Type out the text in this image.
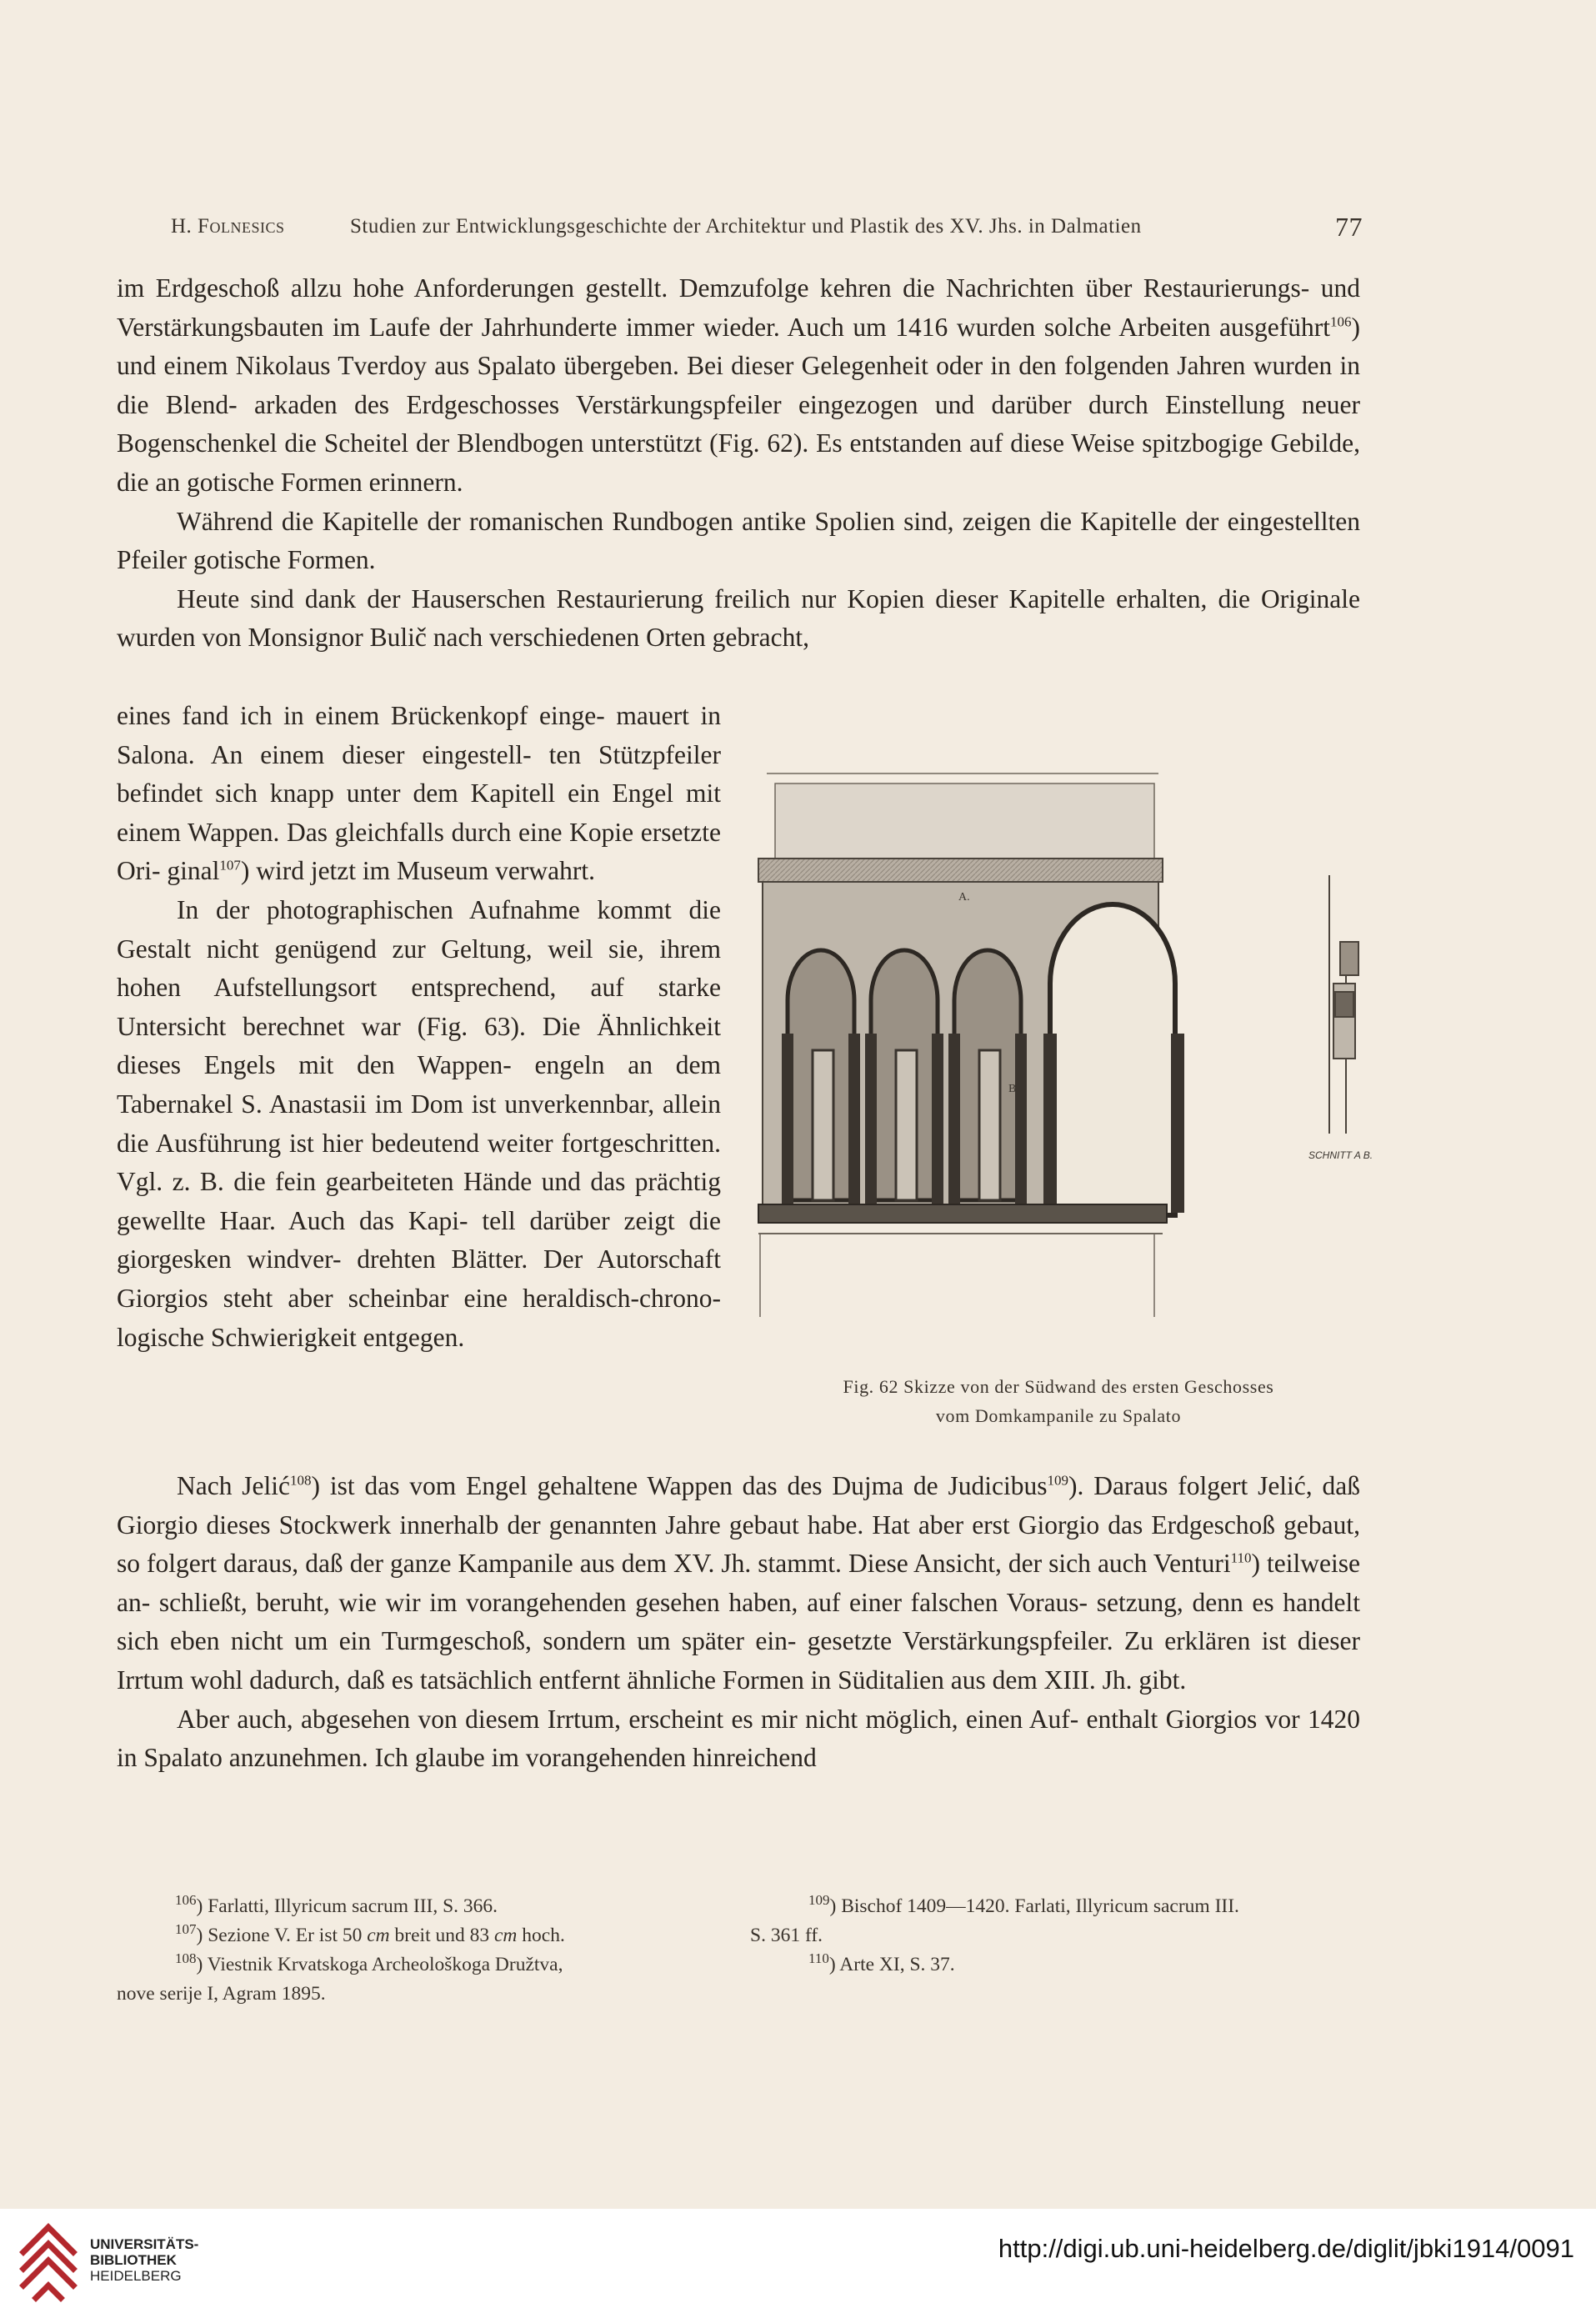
H. Folnesics	Studien zur Entwicklungsgeschichte der Architektur und Plastik des XV. Jhs. in Dalmatien	77

im Erdgeschoß allzu hohe Anforderungen gestellt. Demzufolge kehren die Nachrichten über Restaurierungs- und Verstärkungsbauten im Laufe der Jahrhunderte immer wieder. Auch um 1416 wurden solche Arbeiten ausgeführt$^{106}$) und einem Nikolaus Tverdoy aus Spalato übergeben. Bei dieser Gelegenheit oder in den folgenden Jahren wurden in die Blend- arkaden des Erdgeschosses Verstärkungspfeiler eingezogen und darüber durch Einstellung neuer Bogenschenkel die Scheitel der Blendbogen unterstützt (Fig. 62). Es entstanden auf diese Weise spitzbogige Gebilde, die an gotische Formen erinnern.

Während die Kapitelle der romanischen Rundbogen antike Spolien sind, zeigen die Kapitelle der eingestellten Pfeiler gotische Formen.

Heute sind dank der Hauserschen Restaurierung freilich nur Kopien dieser Kapitelle erhalten, die Originale wurden von Monsignor Bulič nach verschiedenen Orten gebracht,

eines fand ich in einem Brückenkopf einge- mauert in Salona. An einem dieser eingestell- ten Stützpfeiler befindet sich knapp unter dem Kapitell ein Engel mit einem Wappen. Das gleichfalls durch eine Kopie ersetzte Ori- ginal$^{107}$) wird jetzt im Museum verwahrt.

In der photographischen Aufnahme kommt die Gestalt nicht genügend zur Geltung, weil sie, ihrem hohen Aufstellungsort entsprechend, auf starke Untersicht berechnet war (Fig. 63). Die Ähnlichkeit dieses Engels mit den Wappen- engeln an dem Tabernakel S. Anastasii im Dom ist unverkennbar, allein die Ausführung ist hier bedeutend weiter fortgeschritten. Vgl. z. B. die fein gearbeiteten Hände und das prächtig gewellte Haar. Auch das Kapi- tell darüber zeigt die giorgesken windver- drehten Blätter. Der Autorschaft Giorgios steht aber scheinbar eine heraldisch-chrono- logische Schwierigkeit entgegen.

A.
B.
SCHNITT A B.
Fig. 62 Skizze von der Südwand des ersten Geschosses
vom Domkampanile zu Spalato

Nach Jelić$^{108}$) ist das vom Engel gehaltene Wappen das des Dujma de Judicibus$^{109}$). Daraus folgert Jelić, daß Giorgio dieses Stockwerk innerhalb der genannten Jahre gebaut habe. Hat aber erst Giorgio das Erdgeschoß gebaut, so folgert daraus, daß der ganze Kampanile aus dem XV. Jh. stammt. Diese Ansicht, der sich auch Venturi$^{110}$) teilweise an- schließt, beruht, wie wir im vorangehenden gesehen haben, auf einer falschen Voraus- setzung, denn es handelt sich eben nicht um ein Turmgeschoß, sondern um später ein- gesetzte Verstärkungspfeiler. Zu erklären ist dieser Irrtum wohl dadurch, daß es tatsächlich entfernt ähnliche Formen in Süditalien aus dem XIII. Jh. gibt.

Aber auch, abgesehen von diesem Irrtum, erscheint es mir nicht möglich, einen Auf- enthalt Giorgios vor 1420 in Spalato anzunehmen. Ich glaube im vorangehenden hinreichend

$^{106}$) Farlatti, Illyricum sacrum III, S. 366.

$^{107}$) Sezione V. Er ist 50 cm breit und 83 cm hoch.

$^{108}$) Viestnik Krvatskoga Archeološkoga Družtva,

nove serije I, Agram 1895.

$^{109}$) Bischof 1409—1420. Farlati, Illyricum sacrum III.

S. 361 ff.

$^{110}$) Arte XI, S. 37.

UNIVERSITÄTS-
BIBLIOTHEK
HEIDELBERG
http://digi.ub.uni-heidelberg.de/diglit/jbki1914/0091
